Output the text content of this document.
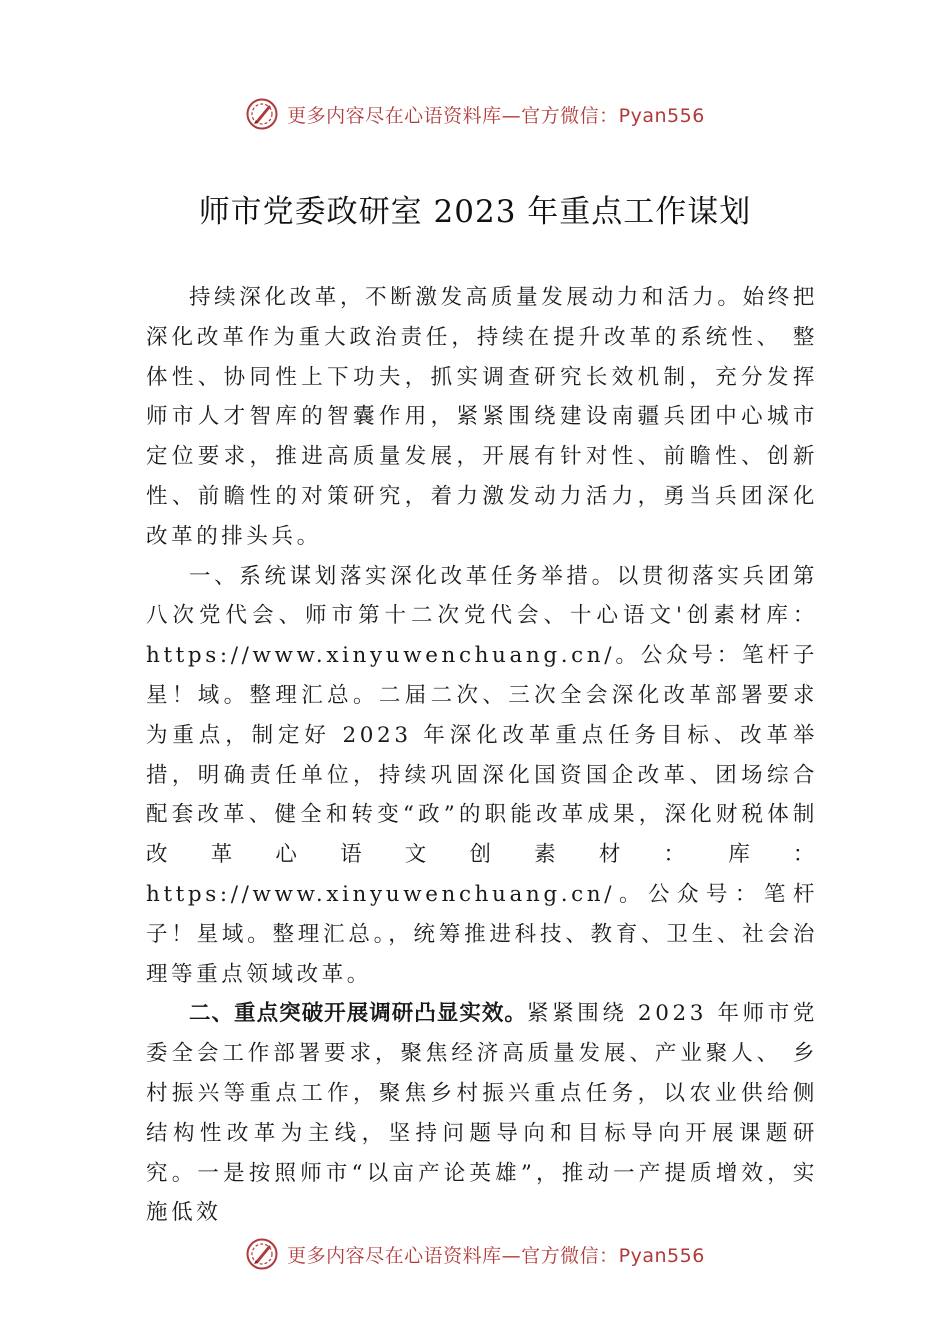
更多内容尽在心语资料库—官方微信：Pyan556
师市党委政研室 2023 年重点工作谋划

持续深化改革，不断激发高质量发展动力和活力。始终把深化改革作为重大政治责任，持续在提升改革的系统性、 整体性、协同性上下功夫，抓实调查研究长效机制，充分发挥师市人才智库的智囊作用，紧紧围绕建设南疆兵团中心城市定位要求，推进高质量发展，开展有针对性、前瞻性、创新性、前瞻性的对策研究，着力激发动力活力，勇当兵团深化改革的排头兵。

一、系统谋划落实深化改革任务举措。以贯彻落实兵团第八次党代会、师市第十二次党代会、十心语文'创素材库：https://www.xinyuwenchuang.cn/。公众号：笔杆子星！域。整理汇总。二届二次、三次全会深化改革部署要求为重点，制定好 2023 年深化改革重点任务目标、改革举措，明确责任单位，持续巩固深化国资国企改革、团场综合配套改革、健全和转变“政”的职能改革成果，深化财税体制改革心语文创素材：库：https://www.xinyuwenchuang.cn/。公众号：笔杆子！星域。整理汇总。，统筹推进科技、教育、卫生、社会治理等重点领域改革。

二、重点突破开展调研凸显实效。紧紧围绕 2023 年师市党委全会工作部署要求，聚焦经济高质量发展、产业聚人、 乡村振兴等重点工作，聚焦乡村振兴重点任务，以农业供给侧结构性改革为主线，坚持问题导向和目标导向开展课题研究。一是按照师市“以亩产论英雄”，推动一产提质增效，实施低效

更多内容尽在心语资料库—官方微信：Pyan556
